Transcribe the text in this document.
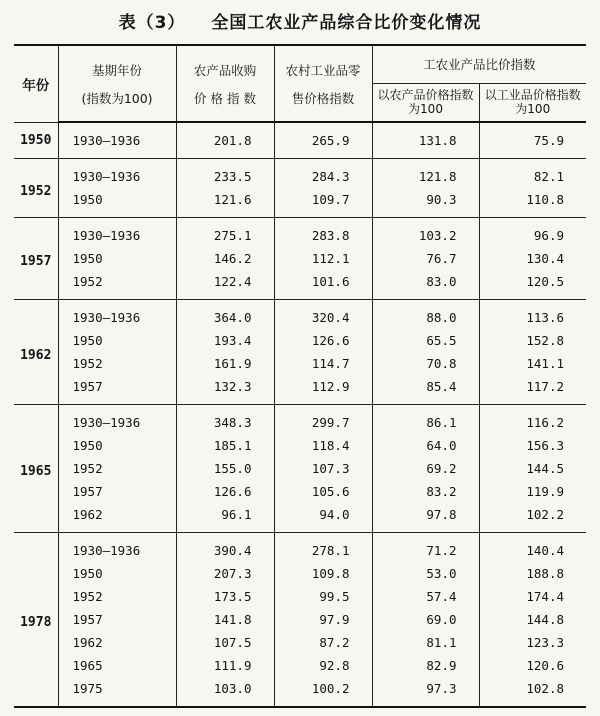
表（3） 全国工农业产品综合比价变化情况
年份	基期年份	农产品收购	农村工业品零	工农业产品比价指数	
	(指数为100)	价 格 指 数	售价格指数	以农产品价格指数为100	以工业品价格指数为100
1950	1930—1936	201.8	265.9	131.8	75.9
1952	1930—1936	233.5	284.3	121.8	82.1
	1950	121.6	109.7	90.3	110.8
1957	1930—1936	275.1	283.8	103.2	96.9
	1950	146.2	112.1	76.7	130.4
	1952	122.4	101.6	83.0	120.5
1962	1930—1936	364.0	320.4	88.0	113.6
	1950	193.4	126.6	65.5	152.8
	1952	161.9	114.7	70.8	141.1
	1957	132.3	112.9	85.4	117.2
1965	1930—1936	348.3	299.7	86.1	116.2
	1950	185.1	118.4	64.0	156.3
	1952	155.0	107.3	69.2	144.5
	1957	126.6	105.6	83.2	119.9
	1962	96.1	94.0	97.8	102.2
1978	1930—1936	390.4	278.1	71.2	140.4
	1950	207.3	109.8	53.0	188.8
	1952	173.5	99.5	57.4	174.4
	1957	141.8	97.9	69.0	144.8
	1962	107.5	87.2	81.1	123.3
	1965	111.9	92.8	82.9	120.6
	1975	103.0	100.2	97.3	102.8
